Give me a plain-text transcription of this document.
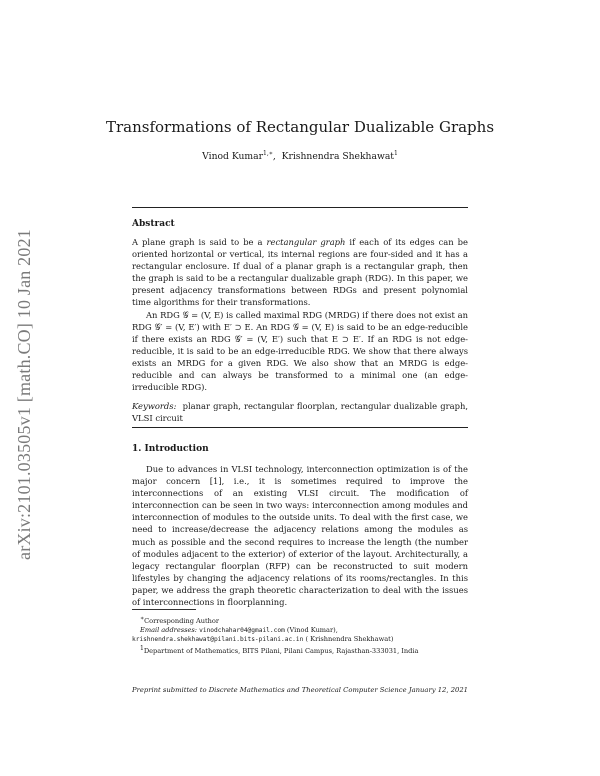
arXiv:2101.03505v1 [math.CO] 10 Jan 2021
Transformations of Rectangular Dualizable Graphs
Vinod Kumar$^{1,∗}$,  Krishnendra Shekhawat$^1$
Abstract

A plane graph is said to be a rectangular graph if each of its edges can be oriented horizontal or vertical, its internal regions are four-sided and it has a rectangular enclosure. If dual of a planar graph is a rectangular graph, then the graph is said to be a rectangular dualizable graph (RDG). In this paper, we present adjacency transformations between RDGs and present polynomial time algorithms for their transformations.

An RDG 𝒢 = (V, E) is called maximal RDG (MRDG) if there does not exist an RDG 𝒢′ = (V, E′) with E′ ⊃ E. An RDG 𝒢 = (V, E) is said to be an edge-reducible if there exists an RDG 𝒢′ = (V, E′) such that E ⊃ E′. If an RDG is not edge-reducible, it is said to be an edge-irreducible RDG. We show that there always exists an MRDG for a given RDG. We also show that an MRDG is edge-reducible and can always be transformed to a minimal one (an edge-irreducible RDG).

Keywords: planar graph, rectangular floorplan, rectangular dualizable graph, VLSI circuit

1. Introduction

Due to advances in VLSI technology, interconnection optimization is of the major concern [1], i.e., it is sometimes required to improve the interconnections of an existing VLSI circuit. The modification of interconnection can be seen in two ways: interconnection among modules and interconnection of modules to the outside units. To deal with the first case, we need to increase/decrease the adjacency relations among the modules as much as possible and the second requires to increase the length (the number of modules adjacent to the exterior) of exterior of the layout. Architecturally, a legacy rectangular floorplan (RFP) can be reconstructed to suit modern lifestyles by changing the adjacency relations of its rooms/rectangles. In this paper, we address the graph theoretic characterization to deal with the issues of interconnections in floorplanning.

∗Corresponding Author
Email addresses: vinodchahar04@gmail.com (Vinod Kumar),
krishnendra.shekhawat@pilani.bits-pilani.ac.in ( Krishnendra Shekhawat)
$^1$Department of Mathematics, BITS Pilani, Pilani Campus, Rajasthan-333031, India
Preprint submitted to Discrete Mathematics and Theoretical Computer Science January 12, 2021
